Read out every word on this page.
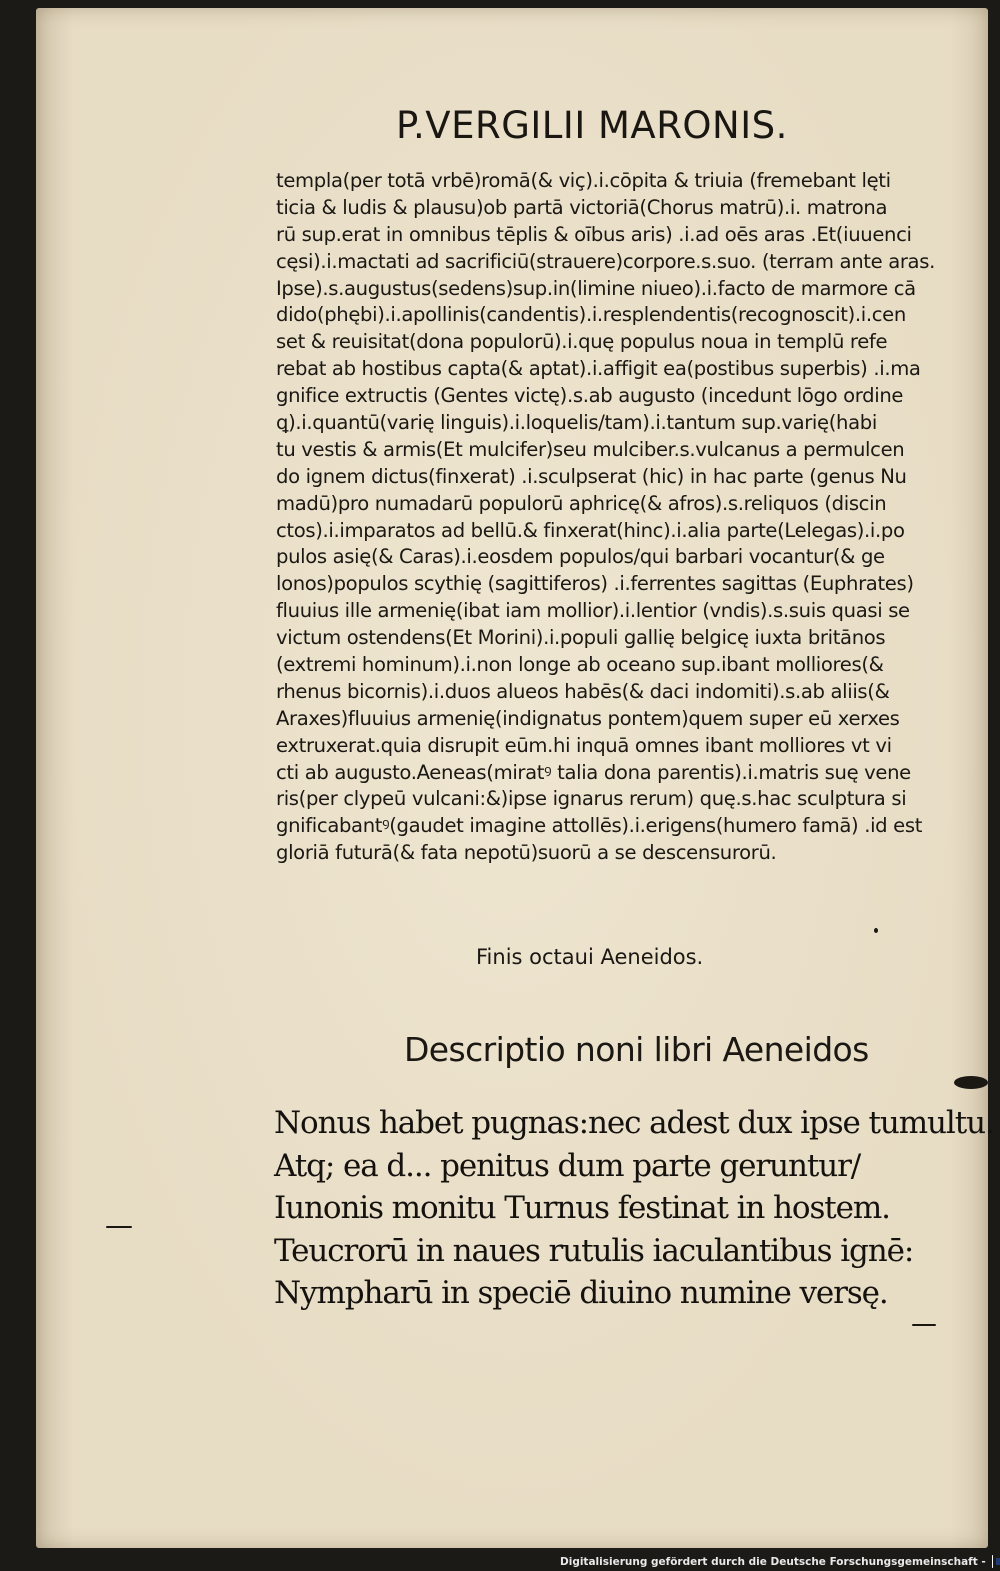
P.VERGILII MARONIS.
templa(per totā vrbē)romā(& viç).i.cōpita & triuia (fremebant lęti
ticia & ludis & plausu)ob partā victoriā(Chorus matrū).i. matrona
rū sup.erat in omnibus tēplis & oībus aris) .i.ad oēs aras .Et(iuuenci
cęsi).i.mactati ad sacrificiū(strauere)corpore.s.suo. (terram ante aras.
Ipse).s.augustus(sedens)sup.in(limine niueo).i.facto de marmore cā
dido(phębi).i.apollinis(candentis).i.resplendentis(recognoscit).i.cen
set & reuisitat(dona populorū).i.quę populus noua in templū refe
rebat ab hostibus capta(& aptat).i.affigit ea(postibus superbis) .i.ma
gnifice extructis (Gentes victę).s.ab augusto (incedunt lōgo ordine
ꝗ).i.quantū(varię linguis).i.loquelis/tam).i.tantum sup.varię(habi
tu vestis & armis(Et mulcifer)seu mulciber.s.vulcanus a permulcen
do ignem dictus(finxerat) .i.sculpserat (hic) in hac parte (genus Nu
madū)pro numadarū populorū aphricę(& afros).s.reliquos (discin
ctos).i.imparatos ad bellū.& finxerat(hinc).i.alia parte(Lelegas).i.po
pulos asię(& Caras).i.eosdem populos/qui barbari vocantur(& ge
lonos)populos scythię (sagittiferos) .i.ferrentes sagittas (Euphrates)
fluuius ille armenię(ibat iam mollior).i.lentior (vndis).s.suis quasi se
victum ostendens(Et Morini).i.populi gallię belgicę iuxta britānos
(extremi hominum).i.non longe ab oceano sup.ibant molliores(&
rhenus bicornis).i.duos alueos habēs(& daci indomiti).s.ab aliis(&
Araxes)fluuius armenię(indignatus pontem)quem super eū xerxes
extruxerat.quia disrupit eūm.hi inquā omnes ibant molliores vt vi
cti ab augusto.Aeneas(miratꝰ talia dona parentis).i.matris suę vene
ris(per clypeū vulcani:&)ipse ignarus rerum) quę.s.hac sculptura si
gnificabantꝰ(gaudet imagine attollēs).i.erigens(humero famā) .id est
gloriā futurā(& fata nepotū)suorū a se descensurorū.
Finis octaui Aeneidos.
Descriptio noni libri Aeneidos
Nonus habet pugnas:nec adest dux ipse tumultu.
Atq; ea d... penitus dum parte geruntur/
Iunonis monitu Turnus festinat in hostem.
Teucrorū in naues rutulis iaculantibus ignē:
Nympharū in speciē diuino numine versę.
Digitalisierung gefördert durch die Deutsche Forschungsgemeinschaft -
